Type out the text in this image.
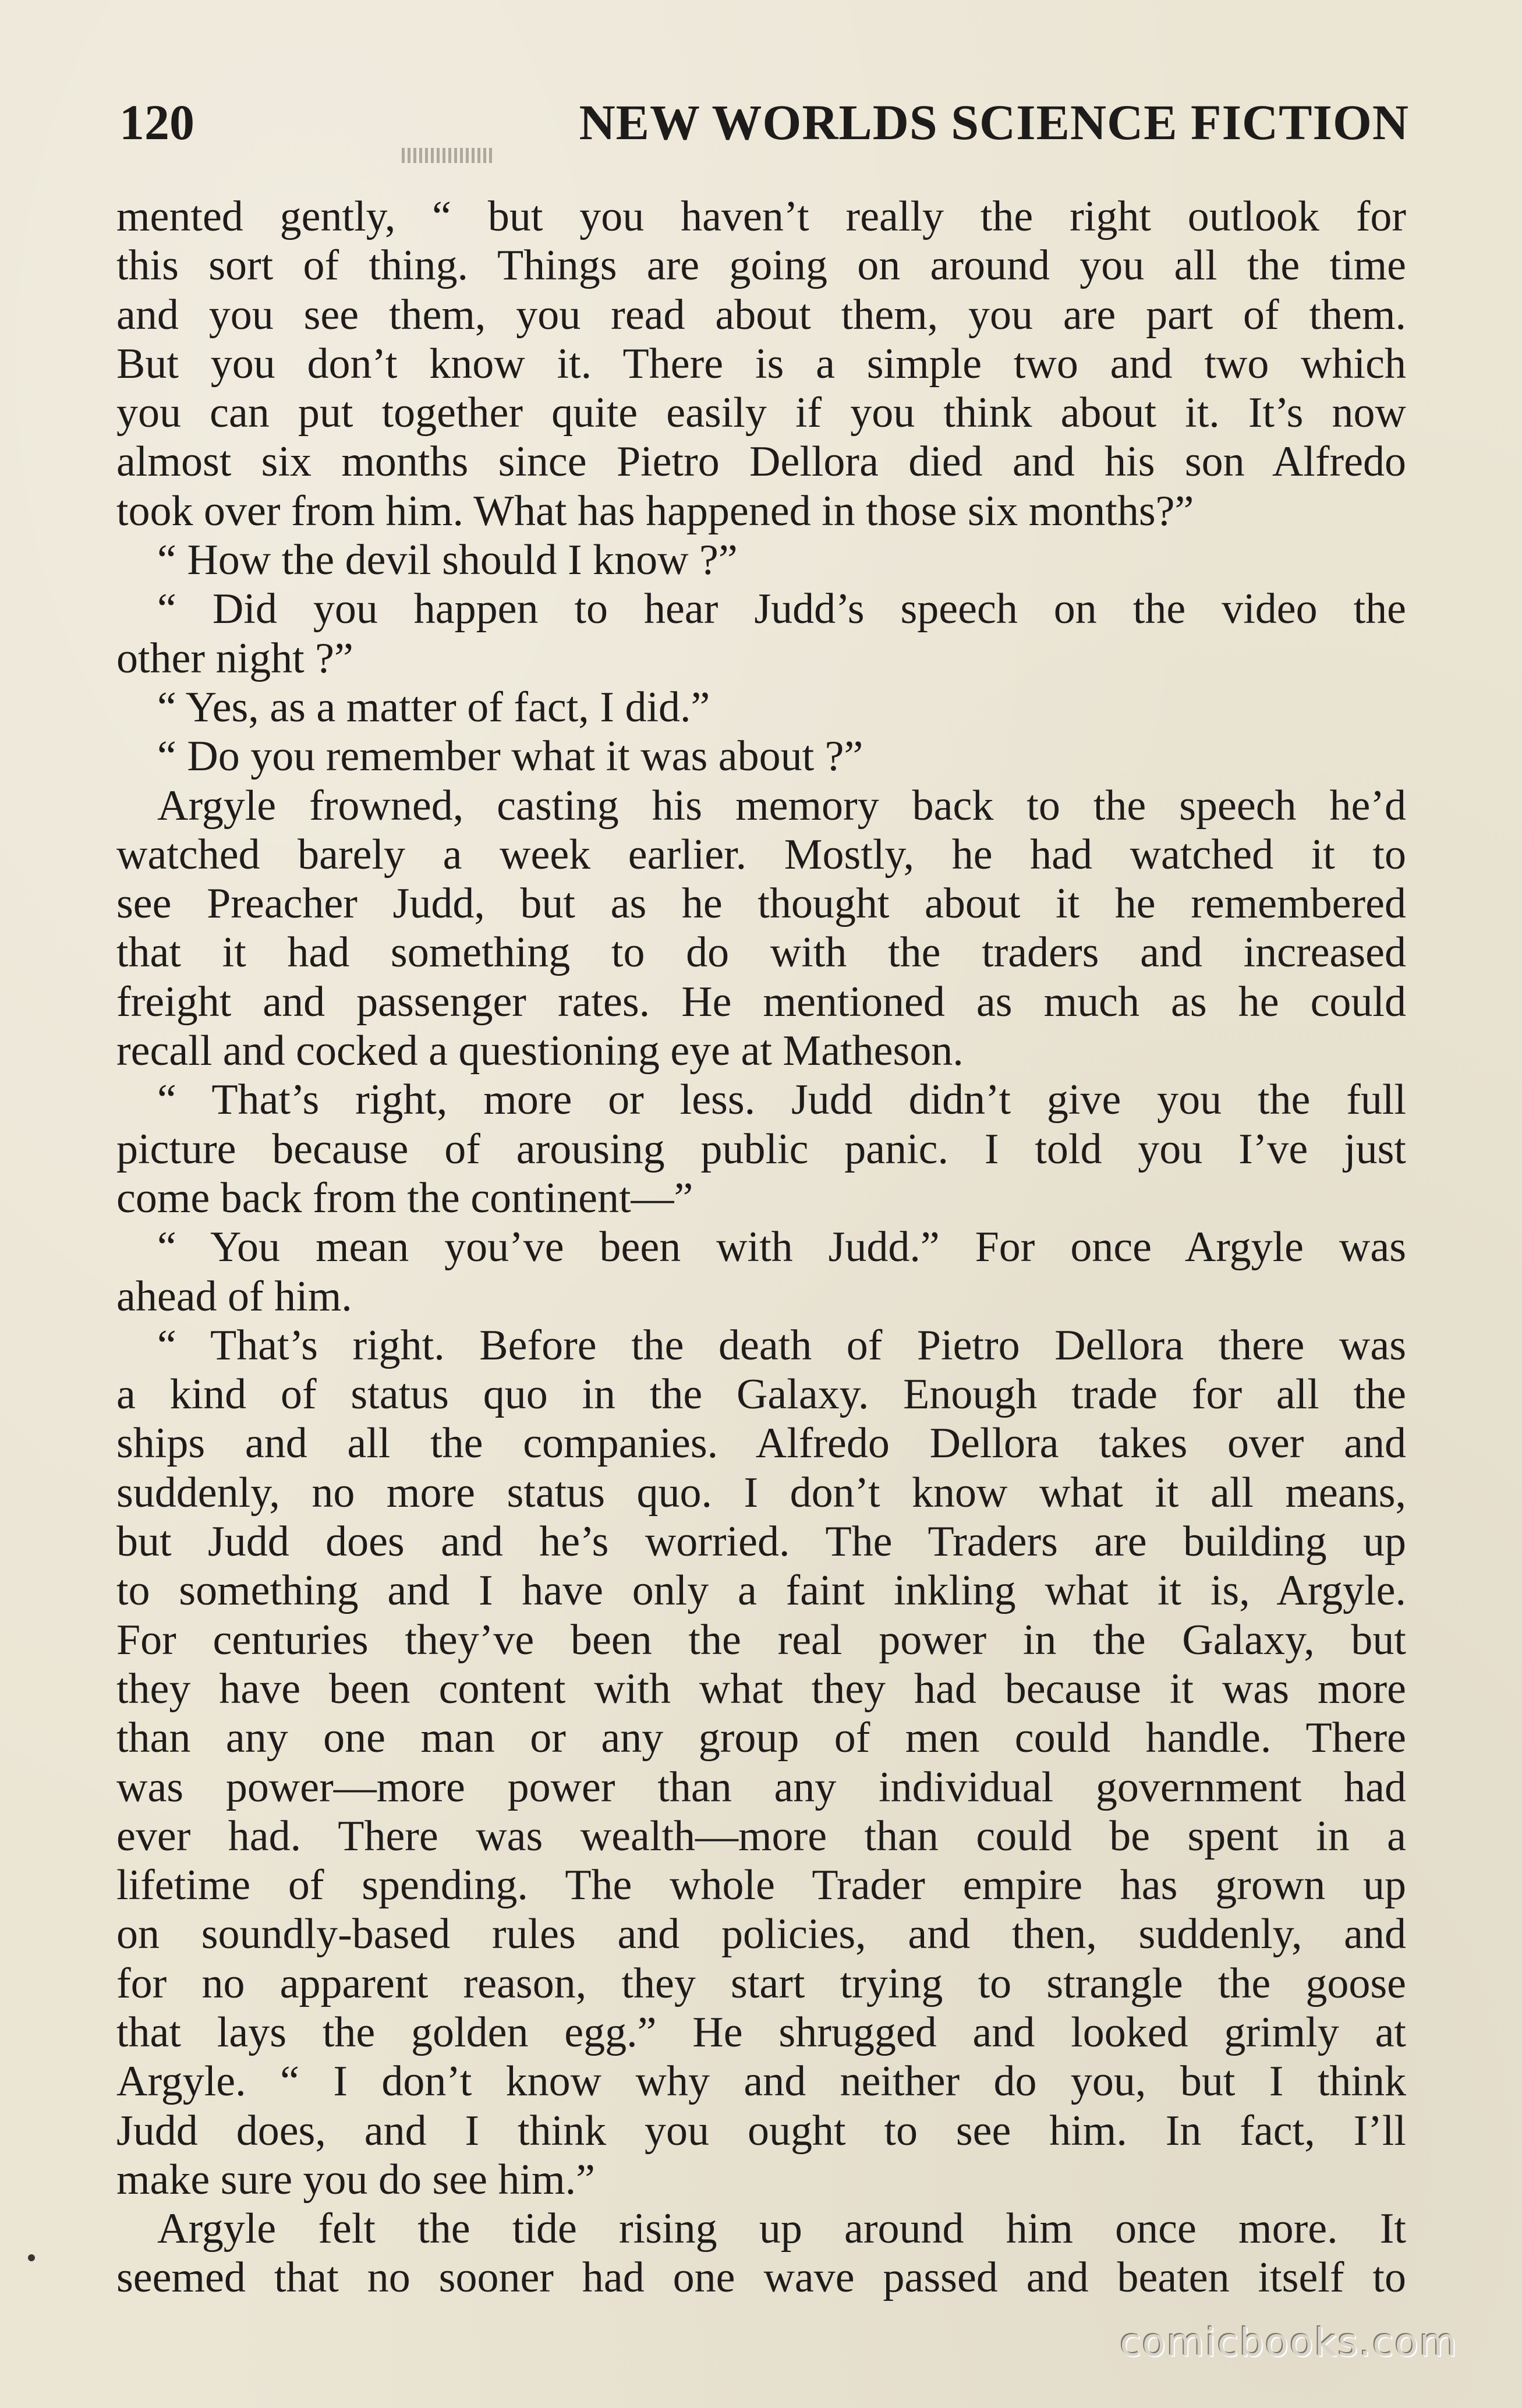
120	NEW WORLDS SCIENCE FICTION
mented gently, “ but you haven’t really the right outlook for
this sort of thing. Things are going on around you all the time
and you see them, you read about them, you are part of them.
But you don’t know it. There is a simple two and two which
you can put together quite easily if you think about it. It’s now
almost six months since Pietro Dellora died and his son Alfredo
took over from him. What has happened in those six months?”
“ How the devil should I know ?”
“ Did you happen to hear Judd’s speech on the video the
other night ?”
“ Yes, as a matter of fact, I did.”
“ Do you remember what it was about ?”
Argyle frowned, casting his memory back to the speech he’d
watched barely a week earlier. Mostly, he had watched it to
see Preacher Judd, but as he thought about it he remembered
that it had something to do with the traders and increased
freight and passenger rates. He mentioned as much as he could
recall and cocked a questioning eye at Matheson.
“ That’s right, more or less. Judd didn’t give you the full
picture because of arousing public panic. I told you I’ve just
come back from the continent—”
“ You mean you’ve been with Judd.” For once Argyle was
ahead of him.
“ That’s right. Before the death of Pietro Dellora there was
a kind of status quo in the Galaxy. Enough trade for all the
ships and all the companies. Alfredo Dellora takes over and
suddenly, no more status quo. I don’t know what it all means,
but Judd does and he’s worried. The Traders are building up
to something and I have only a faint inkling what it is, Argyle.
For centuries they’ve been the real power in the Galaxy, but
they have been content with what they had because it was more
than any one man or any group of men could handle. There
was power—more power than any individual government had
ever had. There was wealth—more than could be spent in a
lifetime of spending. The whole Trader empire has grown up
on soundly-based rules and policies, and then, suddenly, and
for no apparent reason, they start trying to strangle the goose
that lays the golden egg.” He shrugged and looked grimly at
Argyle. “ I don’t know why and neither do you, but I think
Judd does, and I think you ought to see him. In fact, I’ll
make sure you do see him.”
Argyle felt the tide rising up around him once more. It
seemed that no sooner had one wave passed and beaten itself to
comicbooks.com
